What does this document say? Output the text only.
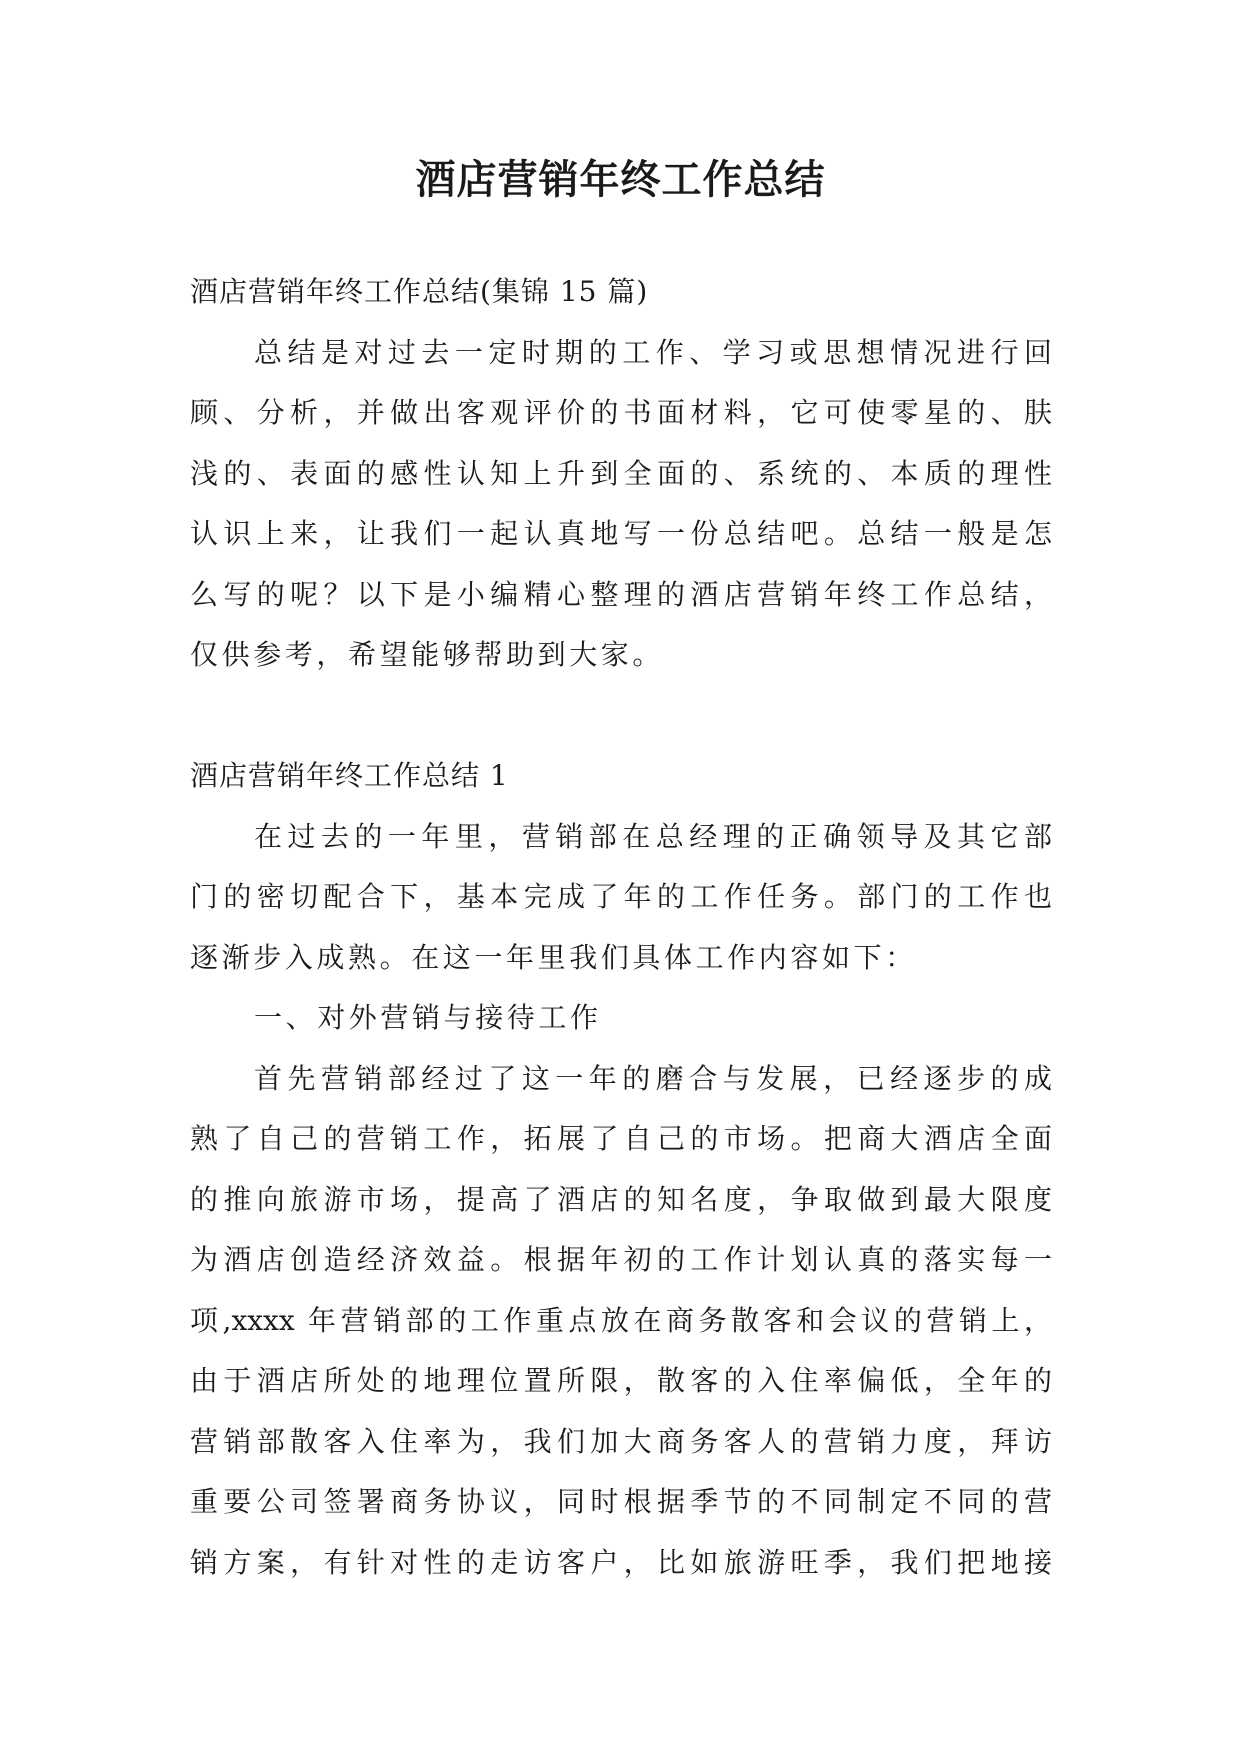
酒店营销年终工作总结

酒店营销年终工作总结(集锦 15 篇)

总结是对过去一定时期的工作、学习或思想情况进行回

顾、分析，并做出客观评价的书面材料，它可使零星的、肤

浅的、表面的感性认知上升到全面的、系统的、本质的理性

认识上来，让我们一起认真地写一份总结吧。总结一般是怎

么写的呢？以下是小编精心整理的酒店营销年终工作总结，

仅供参考，希望能够帮助到大家。

酒店营销年终工作总结 1

在过去的一年里，营销部在总经理的正确领导及其它部

门的密切配合下，基本完成了年的工作任务。部门的工作也

逐渐步入成熟。在这一年里我们具体工作内容如下：

一、对外营销与接待工作

首先营销部经过了这一年的磨合与发展，已经逐步的成

熟了自己的营销工作，拓展了自己的市场。把商大酒店全面

的推向旅游市场，提高了酒店的知名度，争取做到最大限度

为酒店创造经济效益。根据年初的工作计划认真的落实每一

项,xxxx 年营销部的工作重点放在商务散客和会议的营销上，

由于酒店所处的地理位置所限，散客的入住率偏低，全年的

营销部散客入住率为，我们加大商务客人的营销力度，拜访

重要公司签署商务协议，同时根据季节的不同制定不同的营

销方案，有针对性的走访客户，比如旅游旺季，我们把地接
